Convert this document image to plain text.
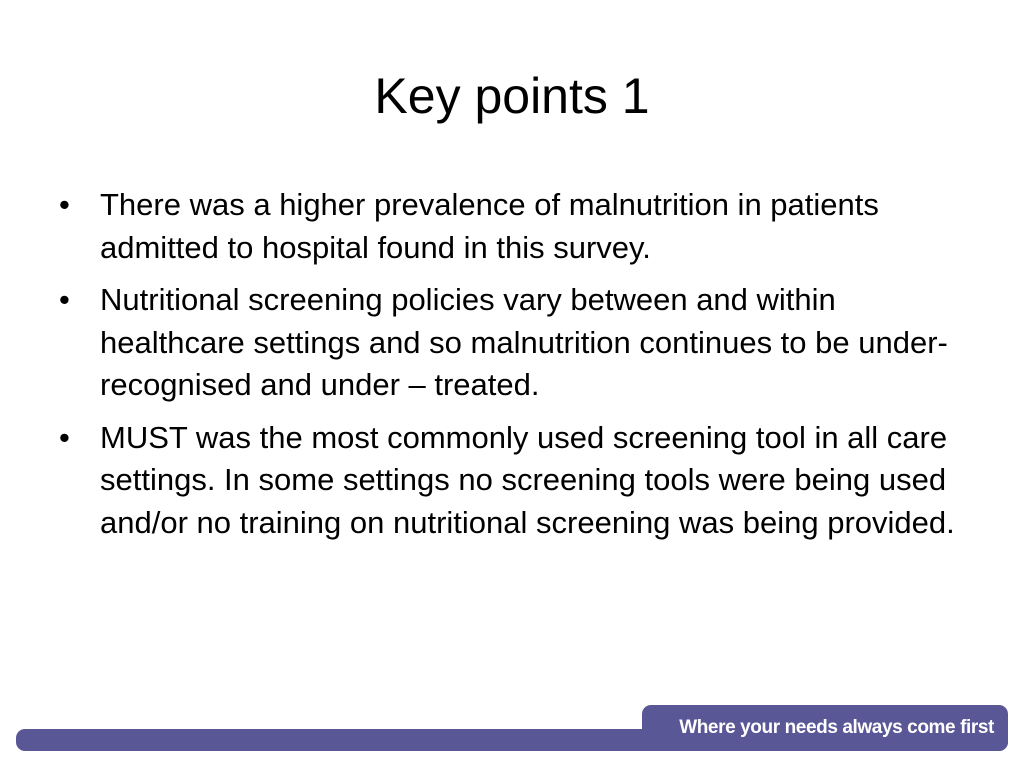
Key points 1
• There was a higher prevalence of malnutrition in patients admitted to hospital found in this survey.
• Nutritional screening policies vary between and within healthcare settings and so malnutrition continues to be under- recognised and under – treated.
• MUST was the most commonly used screening tool in all care settings. In some settings no screening tools were being used and/or no training on nutritional screening was being provided.
Where your needs always come first
